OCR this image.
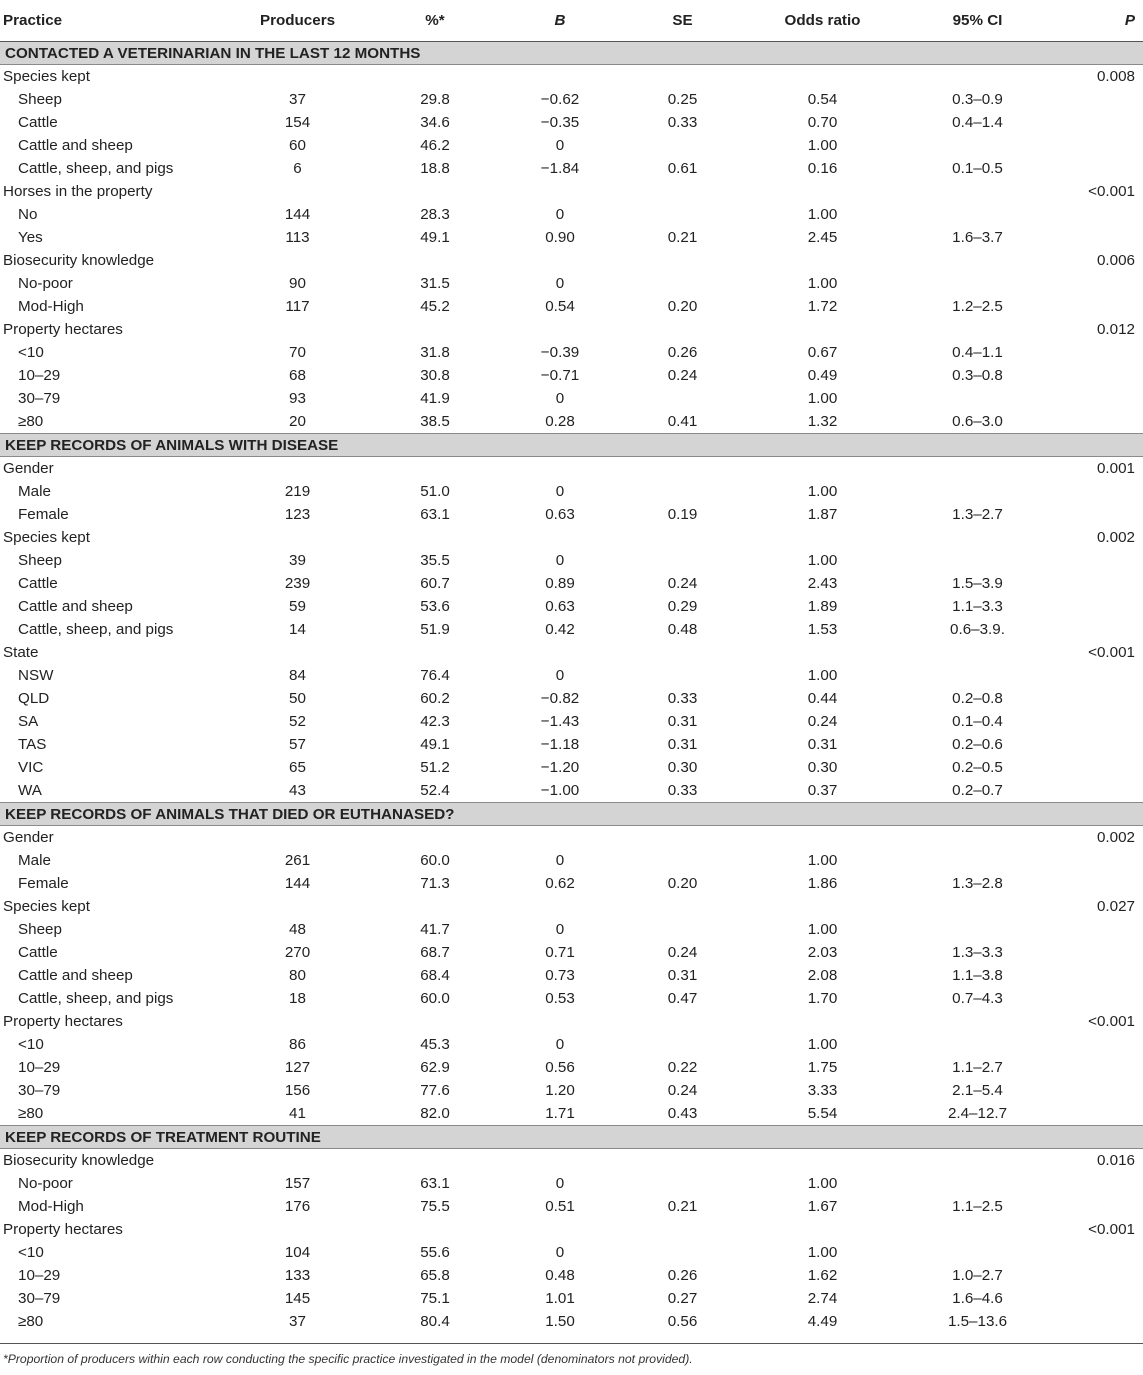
Practice	Producers	%*	B	SE	Odds ratio	95% CI	P
CONTACTED A VETERINARIAN IN THE LAST 12 MONTHS							
Species kept							0.008
Sheep	37	29.8	−0.62	0.25	0.54	0.3–0.9	
Cattle	154	34.6	−0.35	0.33	0.70	0.4–1.4	
Cattle and sheep	60	46.2	0		1.00		
Cattle, sheep, and pigs	6	18.8	−1.84	0.61	0.16	0.1–0.5	
Horses in the property							<0.001
No	144	28.3	0		1.00		
Yes	113	49.1	0.90	0.21	2.45	1.6–3.7	
Biosecurity knowledge							0.006
No-poor	90	31.5	0		1.00		
Mod-High	117	45.2	0.54	0.20	1.72	1.2–2.5	
Property hectares							0.012
<10	70	31.8	−0.39	0.26	0.67	0.4–1.1	
10–29	68	30.8	−0.71	0.24	0.49	0.3–0.8	
30–79	93	41.9	0		1.00		
≥80	20	38.5	0.28	0.41	1.32	0.6–3.0	
KEEP RECORDS OF ANIMALS WITH DISEASE							
Gender							0.001
Male	219	51.0	0		1.00		
Female	123	63.1	0.63	0.19	1.87	1.3–2.7	
Species kept							0.002
Sheep	39	35.5	0		1.00		
Cattle	239	60.7	0.89	0.24	2.43	1.5–3.9	
Cattle and sheep	59	53.6	0.63	0.29	1.89	1.1–3.3	
Cattle, sheep, and pigs	14	51.9	0.42	0.48	1.53	0.6–3.9.	
State							<0.001
NSW	84	76.4	0		1.00		
QLD	50	60.2	−0.82	0.33	0.44	0.2–0.8	
SA	52	42.3	−1.43	0.31	0.24	0.1–0.4	
TAS	57	49.1	−1.18	0.31	0.31	0.2–0.6	
VIC	65	51.2	−1.20	0.30	0.30	0.2–0.5	
WA	43	52.4	−1.00	0.33	0.37	0.2–0.7	
KEEP RECORDS OF ANIMALS THAT DIED OR EUTHANASED?							
Gender							0.002
Male	261	60.0	0		1.00		
Female	144	71.3	0.62	0.20	1.86	1.3–2.8	
Species kept							0.027
Sheep	48	41.7	0		1.00		
Cattle	270	68.7	0.71	0.24	2.03	1.3–3.3	
Cattle and sheep	80	68.4	0.73	0.31	2.08	1.1–3.8	
Cattle, sheep, and pigs	18	60.0	0.53	0.47	1.70	0.7–4.3	
Property hectares							<0.001
<10	86	45.3	0		1.00		
10–29	127	62.9	0.56	0.22	1.75	1.1–2.7	
30–79	156	77.6	1.20	0.24	3.33	2.1–5.4	
≥80	41	82.0	1.71	0.43	5.54	2.4–12.7	
KEEP RECORDS OF TREATMENT ROUTINE							
Biosecurity knowledge							0.016
No-poor	157	63.1	0		1.00		
Mod-High	176	75.5	0.51	0.21	1.67	1.1–2.5	
Property hectares							<0.001
<10	104	55.6	0		1.00		
10–29	133	65.8	0.48	0.26	1.62	1.0–2.7	
30–79	145	75.1	1.01	0.27	2.74	1.6–4.6	
≥80	37	80.4	1.50	0.56	4.49	1.5–13.6	
*Proportion of producers within each row conducting the specific practice investigated in the model (denominators not provided).
